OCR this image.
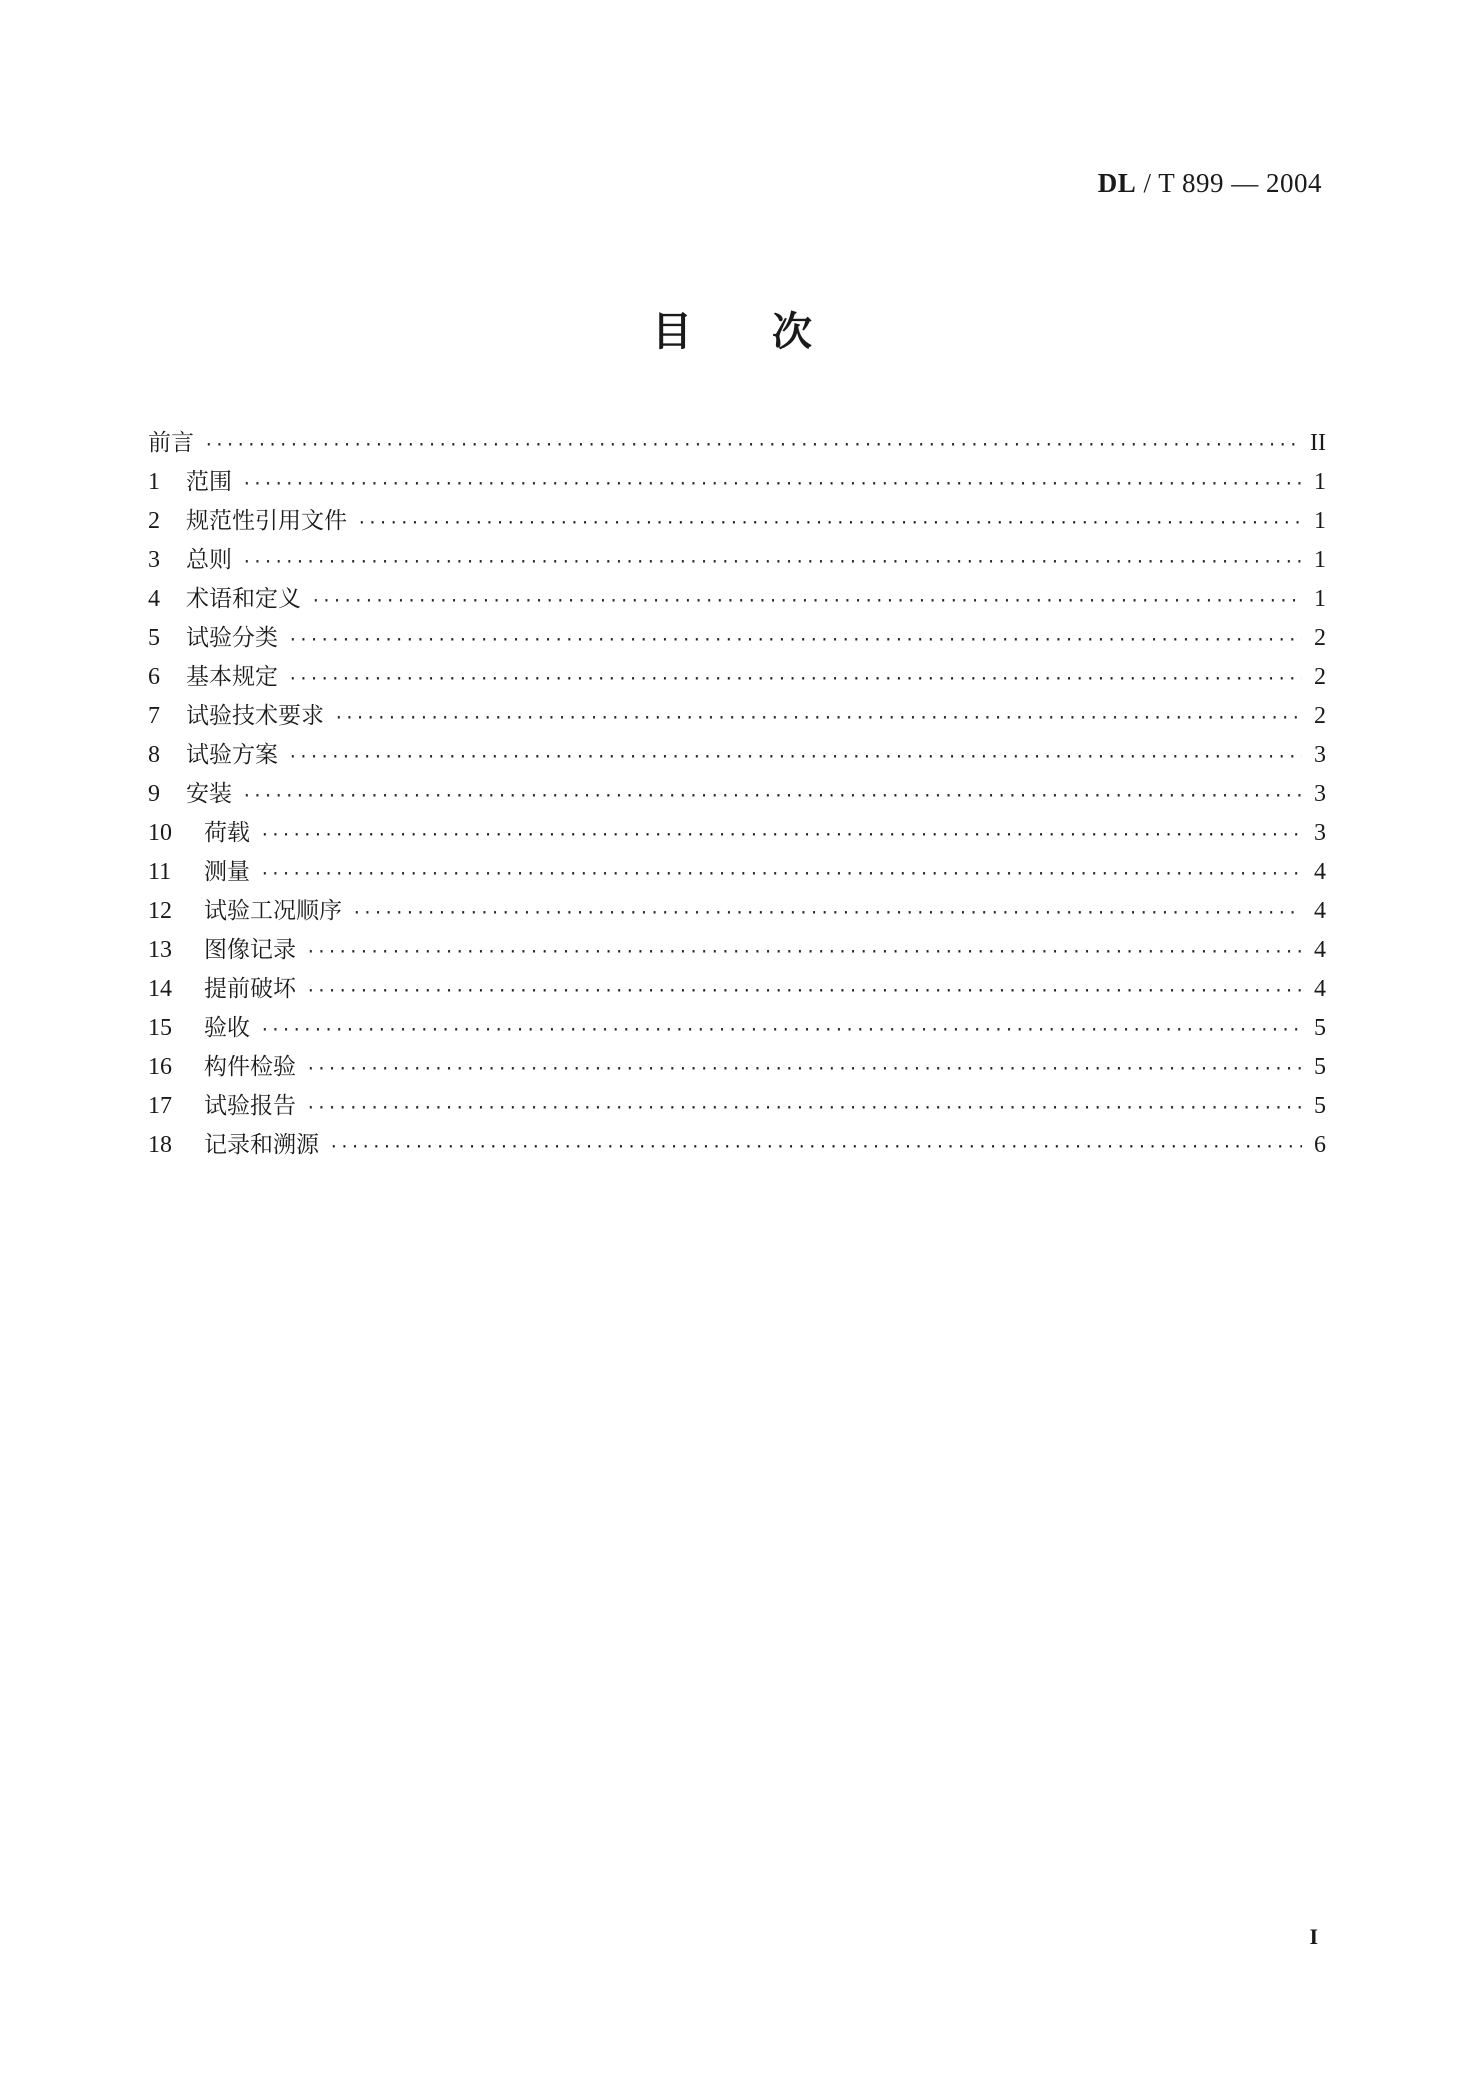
DL / T 899 — 2004
目次
前言 ·····	II
1	范围 ·····	1
2	规范性引用文件 ·····	1
3	总则 ·····	1
4	术语和定义 ·····	1
5	试验分类 ·····	2
6	基本规定 ·····	2
7	试验技术要求 ·····	2
8	试验方案 ·····	3
9	安装 ·····	3
10	荷载 ·····	3
11	测量 ·····	4
12	试验工况顺序 ·····	4
13	图像记录 ·····	4
14	提前破坏 ·····	4
15	验收 ·····	5
16	构件检验 ·····	5
17	试验报告 ·····	5
18	记录和溯源 ·····	6
I
